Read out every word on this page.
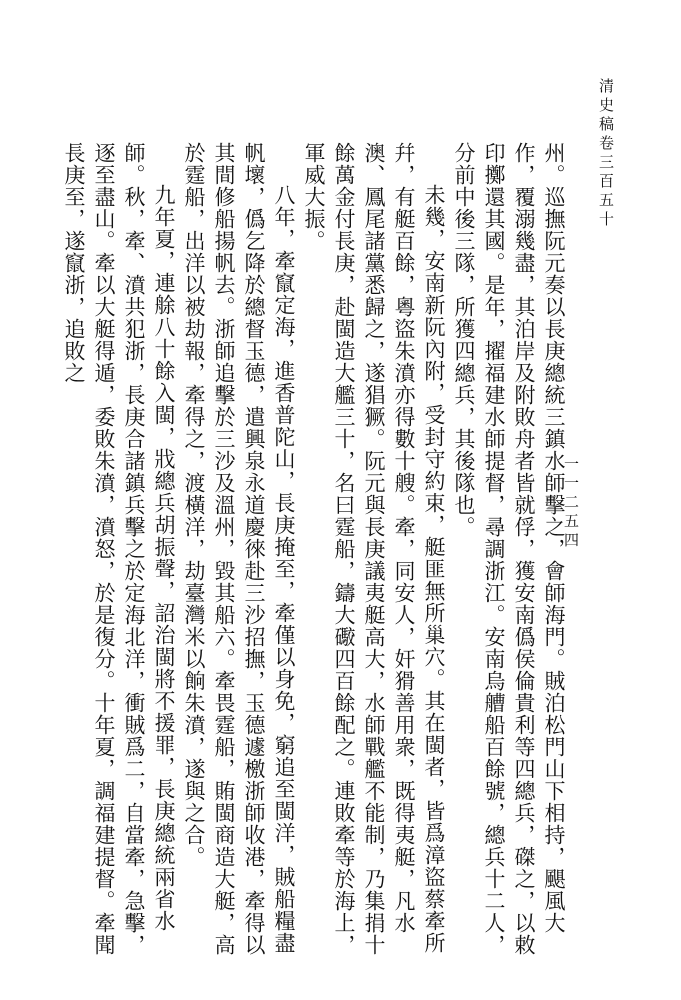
清史稿卷三百五十
一一二五四

州。巡撫阮元奏以長庚總統三鎮水師擊之，會師海門。賊泊松門山下相持，颶風大作，覆溺幾盡，其泊岸及附敗舟者皆就俘，獲安南僞侯倫貴利等四總兵，磔之，以敕印擲還其國。是年，擢福建水師提督，尋調浙江。安南烏艚船百餘號，總兵十二人，分前中後三隊，所獲四總兵，其後隊也。

未幾，安南新阮內附，受封守約束，艇匪無所巢穴。其在閩者，皆爲漳盜蔡牽所幷，有艇百餘，粵盜朱濆亦得數十艘。牽，同安人，奸猾善用衆，既得夷艇，凡水澳、鳳尾諸黨悉歸之，遂猖獗。阮元與長庚議夷艇高大，水師戰艦不能制，乃集捐十餘萬金付長庚，赴閩造大艦三十，名曰霆船，鑄大礮四百餘配之。連敗牽等於海上，軍威大振。

八年，牽竄定海，進香普陀山，長庚掩至，牽僅以身免，窮追至閩洋，賊船糧盡帆壞，僞乞降於總督玉德，遣興泉永道慶徠赴三沙招撫，玉德遽檄浙師收港，牽得以其間修船揚帆去。浙師追擊於三沙及溫州，毀其船六。牽畏霆船，賄閩商造大艇，高於霆船，出洋以被劫報，牽得之，渡橫洋，劫臺灣米以餉朱濆，遂與之合。

九年夏，連艅八十餘入閩，戕總兵胡振聲，詔治閩將不援罪，長庚總統兩省水師。秋，牽、濆共犯浙，長庚合諸鎮兵擊之於定海北洋，衝賊爲二，自當牽，急擊，逐至盡山。牽以大艇得遁，委敗朱濆，濆怒，於是復分。十年夏，調福建提督。牽聞長庚至，遂竄浙，追敗之
